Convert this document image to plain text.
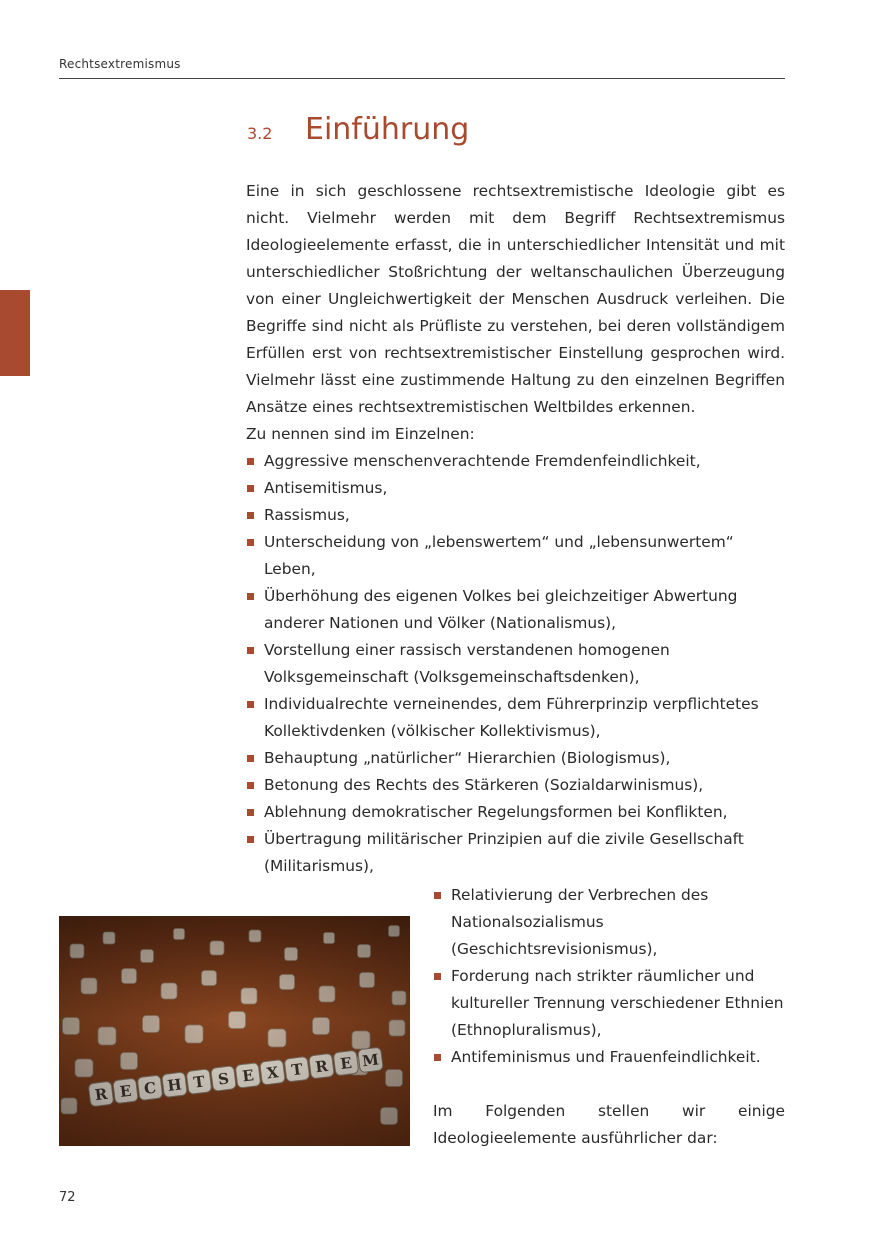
Rechtsextremismus
3.2 Einführung

Eine in sich geschlossene rechtsextremistische Ideologie gibt es nicht. Vielmehr werden mit dem Begriff Rechtsextremismus Ideologieelemente erfasst, die in unterschiedlicher Intensität und mit unterschiedlicher Stoßrichtung der weltanschaulichen Überzeugung von einer Ungleichwertigkeit der Menschen Ausdruck verleihen. Die Begriffe sind nicht als Prüfliste zu verstehen, bei deren vollständigem Erfüllen erst von rechtsextremistischer Einstellung gesprochen wird. Vielmehr lässt eine zustimmende Haltung zu den einzelnen Begriffen Ansätze eines rechtsextremistischen Weltbildes erkennen.

Zu nennen sind im Einzelnen:

Aggressive menschenverachtende Fremdenfeindlichkeit,
Antisemitismus,
Rassismus,
Unterscheidung von „lebenswertem“ und „lebensunwertem“ Leben,
Überhöhung des eigenen Volkes bei gleichzeitiger Abwertung anderer Nationen und Völker (Nationalismus),
Vorstellung einer rassisch verstandenen homogenen Volksgemeinschaft (Volksgemeinschaftsdenken),
Individualrechte verneinendes, dem Führerprinzip verpflichtetes Kollektivdenken (völkischer Kollektivismus),
Behauptung „natürlicher“ Hierarchien (Biologismus),
Betonung des Rechts des Stärkeren (Sozialdarwinismus),
Ablehnung demokratischer Regelungsformen bei Konflikten,
Übertragung militärischer Prinzipien auf die zivile Gesellschaft (Militarismus),
Relativierung der Verbrechen des Nationalsozialismus (Geschichtsrevisionismus),
Forderung nach strikter räumlicher und kultureller Trennung verschiedener Ethnien (Ethnopluralismus),
Antifeminismus und Frauenfeindlichkeit.

Im Folgenden stellen wir einige Ideologieelemente ausführlicher dar:

72
